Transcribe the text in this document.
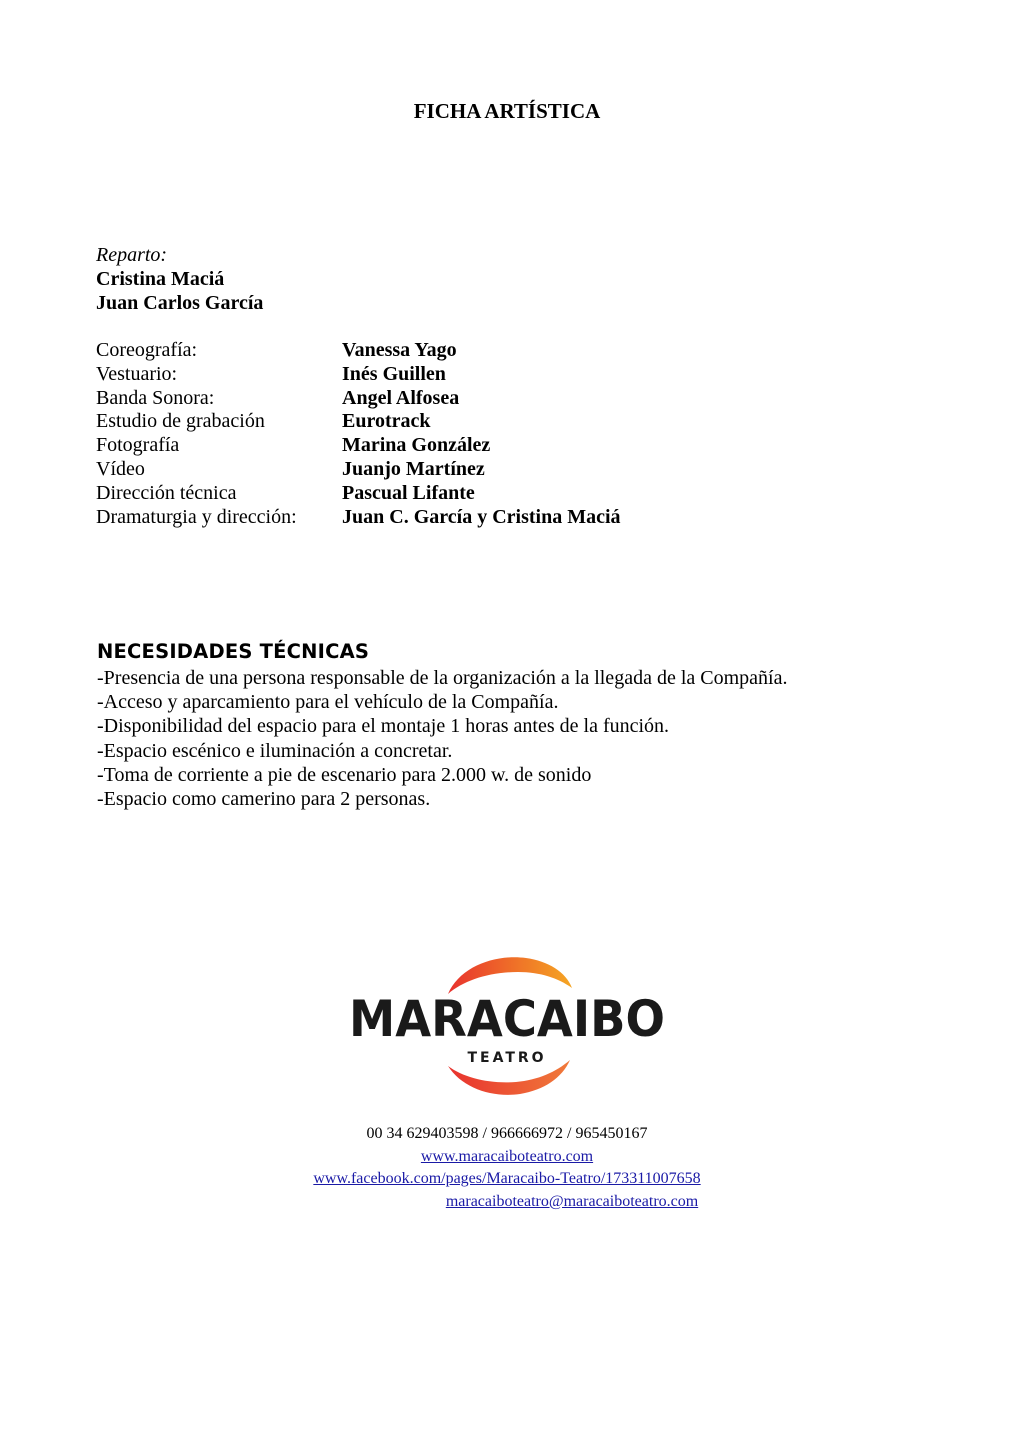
FICHA ARTÍSTICA
Reparto:
Cristina Maciá
Juan Carlos García
Coreografía:	Vanessa Yago
Vestuario:	Inés Guillen
Banda Sonora:	Angel Alfosea
Estudio de grabación	Eurotrack
Fotografía	Marina González
Vídeo	Juanjo Martínez
Dirección técnica	Pascual Lifante
Dramaturgia y dirección:	Juan C. García y Cristina Maciá
NECESIDADES TÉCNICAS
-Presencia de una persona responsable de la organización a la llegada de la Compañía.
-Acceso y aparcamiento para el vehículo de la Compañía.
-Disponibilidad del espacio para el montaje 1 horas antes de la función.
-Espacio escénico e iluminación a concretar.
-Toma de corriente a pie de escenario para 2.000 w. de sonido
-Espacio como camerino para 2 personas.
MARACAIBO
TEATRO
00 34 629403598 / 966666972 / 965450167
www.maracaiboteatro.com
www.facebook.com/pages/Maracaibo-Teatro/173311007658
maracaiboteatro@maracaiboteatro.com
